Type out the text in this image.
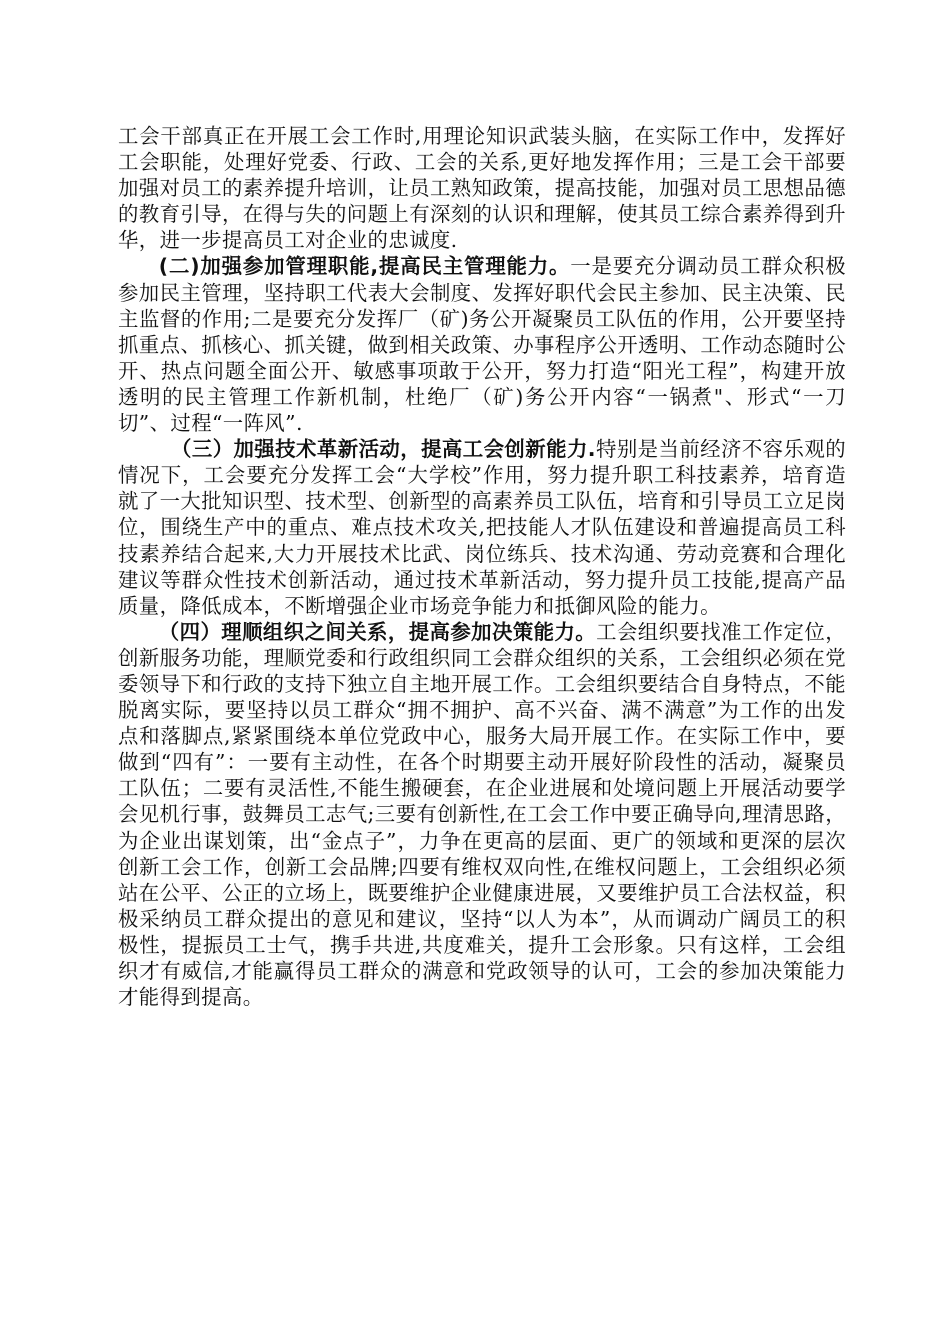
工会干部真正在开展工会工作时,用理论知识武装头脑，在实际工作中，发挥好工会职能，处理好党委、行政、工会的关系,更好地发挥作用；三是工会干部要加强对员工的素养提升培训，让员工熟知政策，提高技能，加强对员工思想品德的教育引导，在得与失的问题上有深刻的认识和理解，使其员工综合素养得到升华，进一步提高员工对企业的忠诚度.

(二)加强参加管理职能,提高民主管理能力。一是要充分调动员工群众积极参加民主管理，坚持职工代表大会制度、发挥好职代会民主参加、民主决策、民主监督的作用;二是要充分发挥厂（矿)务公开凝聚员工队伍的作用，公开要坚持抓重点、抓核心、抓关键，做到相关政策、办事程序公开透明、工作动态随时公开、热点问题全面公开、敏感事项敢于公开，努力打造“阳光工程”，构建开放透明的民主管理工作新机制，杜绝厂（矿)务公开内容“一锅煮"、形式“一刀切”、过程“一阵风”.

（三）加强技术革新活动，提高工会创新能力.特别是当前经济不容乐观的情况下，工会要充分发挥工会“大学校”作用，努力提升职工科技素养，培育造就了一大批知识型、技术型、创新型的高素养员工队伍，培育和引导员工立足岗位，围绕生产中的重点、难点技术攻关,把技能人才队伍建设和普遍提高员工科技素养结合起来,大力开展技术比武、岗位练兵、技术沟通、劳动竞赛和合理化建议等群众性技术创新活动，通过技术革新活动，努力提升员工技能,提高产品质量，降低成本，不断增强企业市场竞争能力和抵御风险的能力。

（四）理顺组织之间关系，提高参加决策能力。工会组织要找准工作定位，创新服务功能，理顺党委和行政组织同工会群众组织的关系，工会组织必须在党委领导下和行政的支持下独立自主地开展工作。工会组织要结合自身特点，不能脱离实际，要坚持以员工群众“拥不拥护、高不兴奋、满不满意”为工作的出发点和落脚点,紧紧围绕本单位党政中心，服务大局开展工作。在实际工作中，要做到“四有”：一要有主动性，在各个时期要主动开展好阶段性的活动，凝聚员工队伍；二要有灵活性,不能生搬硬套，在企业进展和处境问题上开展活动要学会见机行事，鼓舞员工志气;三要有创新性,在工会工作中要正确导向,理清思路，为企业出谋划策，出“金点子”，力争在更高的层面、更广的领域和更深的层次创新工会工作，创新工会品牌;四要有维权双向性,在维权问题上，工会组织必须站在公平、公正的立场上，既要维护企业健康进展，又要维护员工合法权益，积极采纳员工群众提出的意见和建议，坚持“以人为本”，从而调动广阔员工的积极性，提振员工士气，携手共进,共度难关，提升工会形象。只有这样，工会组织才有威信,才能赢得员工群众的满意和党政领导的认可，工会的参加决策能力才能得到提高。
